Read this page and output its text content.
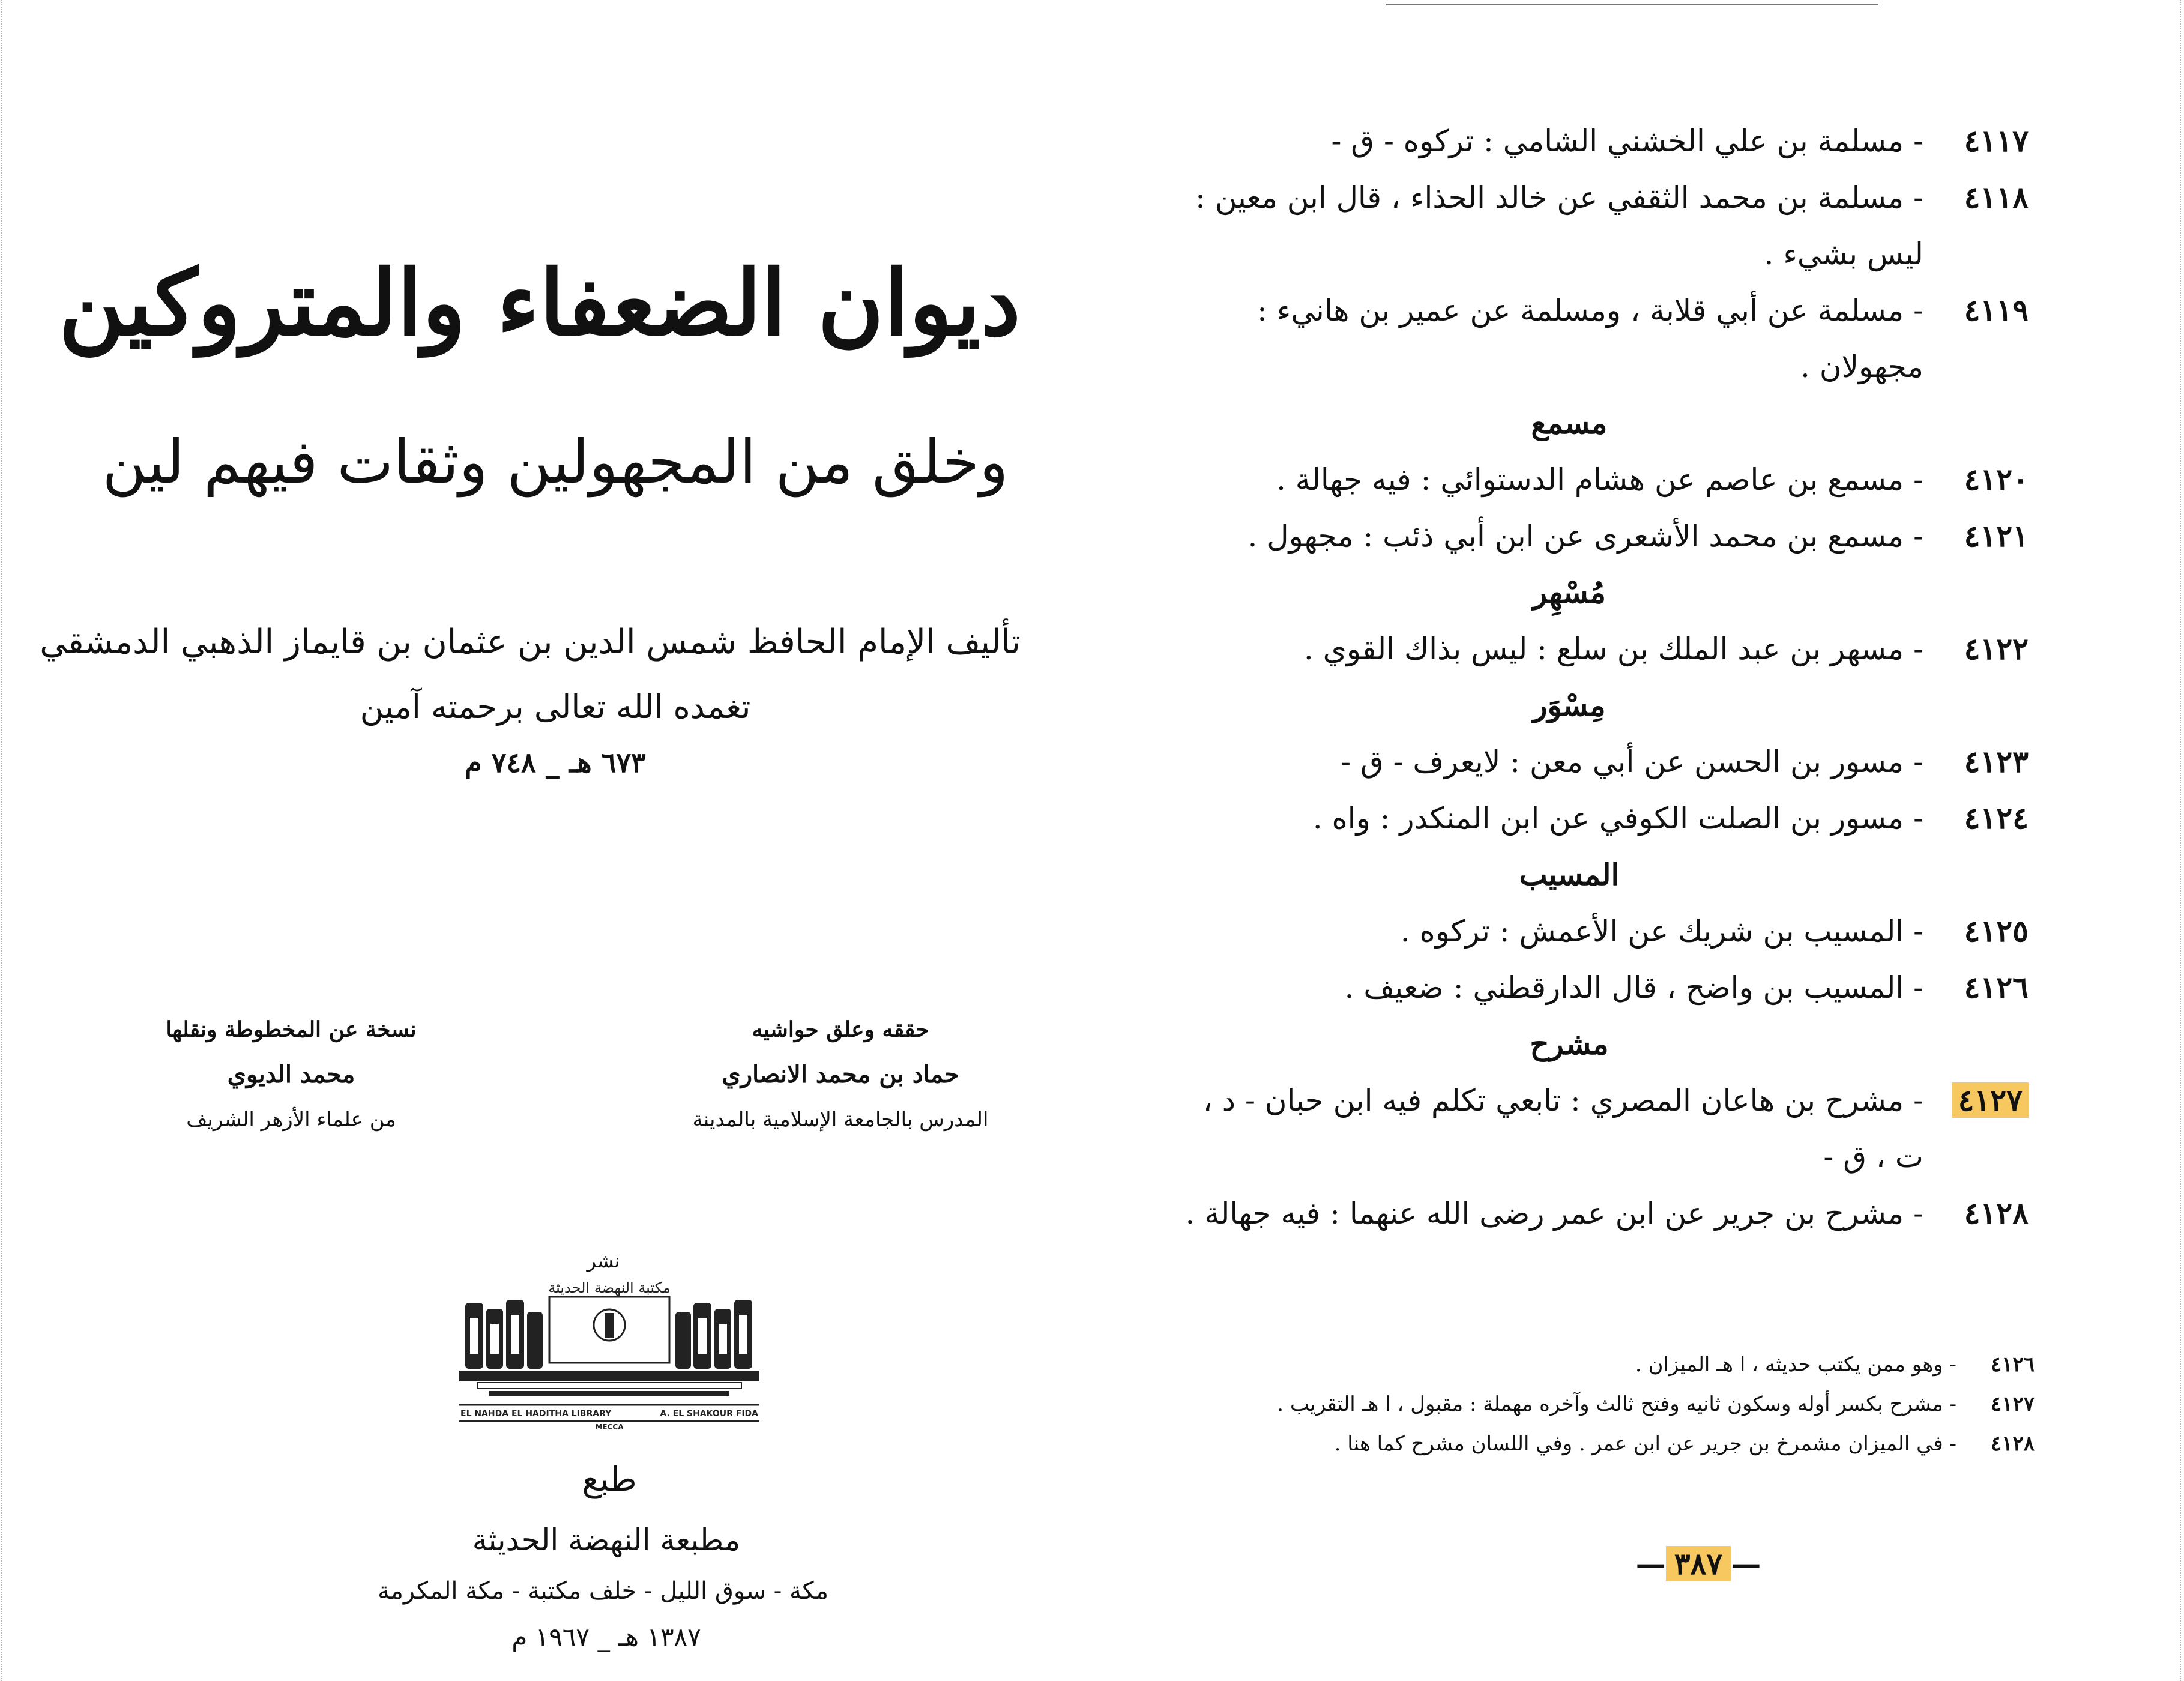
ديوان الضعفاء والمتروكين
وخلق من المجهولين وثقات فيهم لين
تأليف الإمام الحافظ شمس الدين بن عثمان بن قايماز الذهبي الدمشقي
تغمده الله تعالى برحمته آمين
٦٧٣ هـ _ ٧٤٨ م
حققه وعلق حواشيه
حماد بن محمد الانصاري
المدرس بالجامعة الإسلامية بالمدينة
نسخة عن المخطوطة ونقلها
محمد الديوي
من علماء الأزهر الشريف
نشر
مكتبة النهضة الحديثة
EL NAHDA EL HADITHA LIBRARY	A. EL SHAKOUR FIDA
MECCA
طبع
مطبعة النهضة الحديثة
مكة - سوق الليل - خلف مكتبة - مكة المكرمة
١٣٨٧ هـ _ ١٩٦٧ م
٤١١٧
- مسلمة بن علي الخشني الشامي : تركوه - ق -
٤١١٨
- مسلمة بن محمد الثقفي عن خالد الحذاء ، قال ابن معين :
ليس بشيء .
٤١١٩
- مسلمة عن أبي قلابة ، ومسلمة عن عمير بن هانيء :
مجهولان .
مسمع
٤١٢٠
- مسمع بن عاصم عن هشام الدستوائي : فيه جهالة .
٤١٢١
- مسمع بن محمد الأشعرى عن ابن أبي ذئب : مجهول .
مُسْهِر
٤١٢٢
- مسهر بن عبد الملك بن سلع : ليس بذاك القوي .
مِسْوَر
٤١٢٣
- مسور بن الحسن عن أبي معن : لايعرف - ق -
٤١٢٤
- مسور بن الصلت الكوفي عن ابن المنكدر : واه .
المسيب
٤١٢٥
- المسيب بن شريك عن الأعمش : تركوه .
٤١٢٦
- المسيب بن واضح ، قال الدارقطني : ضعيف .
مشرح
٤١٢٧
- مشرح بن هاعان المصري : تابعي تكلم فيه ابن حبان - د ،
ت ، ق -
٤١٢٨
- مشرح بن جرير عن ابن عمر رضى الله عنهما : فيه جهالة .
٤١٢٦
- وهو ممن يكتب حديثه ، ا هـ الميزان .
٤١٢٧
- مشرح بكسر أوله وسكون ثانيه وفتح ثالث وآخره مهملة : مقبول ، ا هـ التقريب .
٤١٢٨
- في الميزان مشمرخ بن جرير عن ابن عمر . وفي اللسان مشرح كما هنا .
— ٣٨٧ —
